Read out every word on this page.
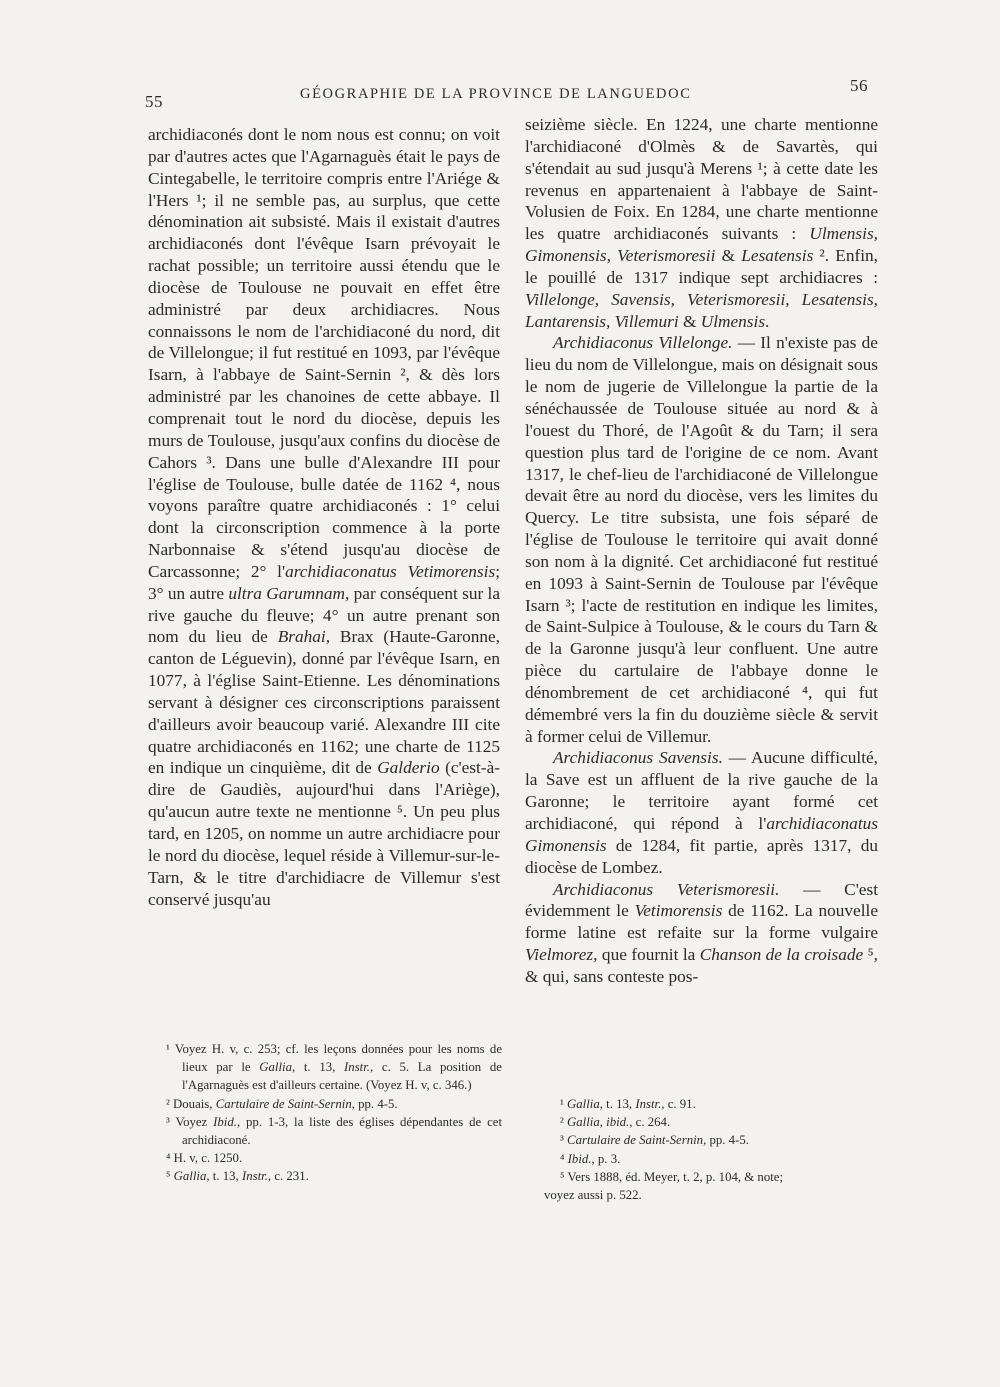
55	GÉOGRAPHIE DE LA PROVINCE DE LANGUEDOC	56

archidiaconés dont le nom nous est connu; on voit par d'autres actes que l'Agarnaguès était le pays de Cintegabelle, le territoire compris entre l'Ariége & l'Hers ¹; il ne semble pas, au surplus, que cette dénomination ait subsisté. Mais il existait d'autres archidiaconés dont l'évêque Isarn prévoyait le rachat possible; un territoire aussi étendu que le diocèse de Toulouse ne pouvait en effet être administré par deux archidiacres. Nous connaissons le nom de l'archidiaconé du nord, dit de Villelongue; il fut restitué en 1093, par l'évêque Isarn, à l'abbaye de Saint-Sernin ², & dès lors administré par les chanoines de cette abbaye. Il comprenait tout le nord du diocèse, depuis les murs de Toulouse, jusqu'aux confins du diocèse de Cahors ³. Dans une bulle d'Alexandre III pour l'église de Toulouse, bulle datée de 1162 ⁴, nous voyons paraître quatre archidiaconés : 1° celui dont la circonscription commence à la porte Narbonnaise & s'étend jusqu'au diocèse de Carcassonne; 2° l'archidiaconatus Vetimorensis; 3° un autre ultra Garumnam, par conséquent sur la rive gauche du fleuve; 4° un autre prenant son nom du lieu de Brahai, Brax (Haute-Garonne, canton de Léguevin), donné par l'évêque Isarn, en 1077, à l'église Saint-Etienne. Les dénominations servant à désigner ces circonscriptions paraissent d'ailleurs avoir beaucoup varié. Alexandre III cite quatre archidiaconés en 1162; une charte de 1125 en indique un cinquième, dit de Galderio (c'est-à-dire de Gaudiès, aujourd'hui dans l'Ariège), qu'aucun autre texte ne mentionne ⁵. Un peu plus tard, en 1205, on nomme un autre archidiacre pour le nord du diocèse, lequel réside à Villemur-sur-le-Tarn, & le titre d'archidiacre de Villemur s'est conservé jusqu'au

¹ Voyez H. v, c. 253; cf. les leçons données pour les noms de lieux par le Gallia, t. 13, Instr., c. 5. La position de l'Agarnaguès est d'ailleurs certaine. (Voyez H. v, c. 346.)

² Douais, Cartulaire de Saint-Sernin, pp. 4-5.

³ Voyez Ibid., pp. 1-3, la liste des églises dépendantes de cet archidiaconé.

⁴ H. v, c. 1250.

⁵ Gallia, t. 13, Instr., c. 231.

seizième siècle. En 1224, une charte mentionne l'archidiaconé d'Olmès & de Savartès, qui s'étendait au sud jusqu'à Merens ¹; à cette date les revenus en appartenaient à l'abbaye de Saint-Volusien de Foix. En 1284, une charte mentionne les quatre archidiaconés suivants : Ulmensis, Gimonensis, Veterismoresii & Lesatensis ². Enfin, le pouillé de 1317 indique sept archidiacres : Villelonge, Savensis, Veterismoresii, Lesatensis, Lantarensis, Villemuri & Ulmensis.

Archidiaconus Villelonge. — Il n'existe pas de lieu du nom de Villelongue, mais on désignait sous le nom de jugerie de Villelongue la partie de la sénéchaussée de Toulouse située au nord & à l'ouest du Thoré, de l'Agoût & du Tarn; il sera question plus tard de l'origine de ce nom. Avant 1317, le chef-lieu de l'archidiaconé de Villelongue devait être au nord du diocèse, vers les limites du Quercy. Le titre subsista, une fois séparé de l'église de Toulouse le territoire qui avait donné son nom à la dignité. Cet archidiaconé fut restitué en 1093 à Saint-Sernin de Toulouse par l'évêque Isarn ³; l'acte de restitution en indique les limites, de Saint-Sulpice à Toulouse, & le cours du Tarn & de la Garonne jusqu'à leur confluent. Une autre pièce du cartulaire de l'abbaye donne le dénombrement de cet archidiaconé ⁴, qui fut démembré vers la fin du douzième siècle & servit à former celui de Villemur.

Archidiaconus Savensis. — Aucune difficulté, la Save est un affluent de la rive gauche de la Garonne; le territoire ayant formé cet archidiaconé, qui répond à l'archidiaconatus Gimonensis de 1284, fit partie, après 1317, du diocèse de Lombez.

Archidiaconus Veterismoresii. — C'est évidemment le Vetimorensis de 1162. La nouvelle forme latine est refaite sur la forme vulgaire Vielmorez, que fournit la Chanson de la croisade ⁵, & qui, sans conteste pos-

¹ Gallia, t. 13, Instr., c. 91.

² Gallia, ibid., c. 264.

³ Cartulaire de Saint-Sernin, pp. 4-5.

⁴ Ibid., p. 3.

⁵ Vers 1888, éd. Meyer, t. 2, p. 104, & note;

voyez aussi p. 522.
